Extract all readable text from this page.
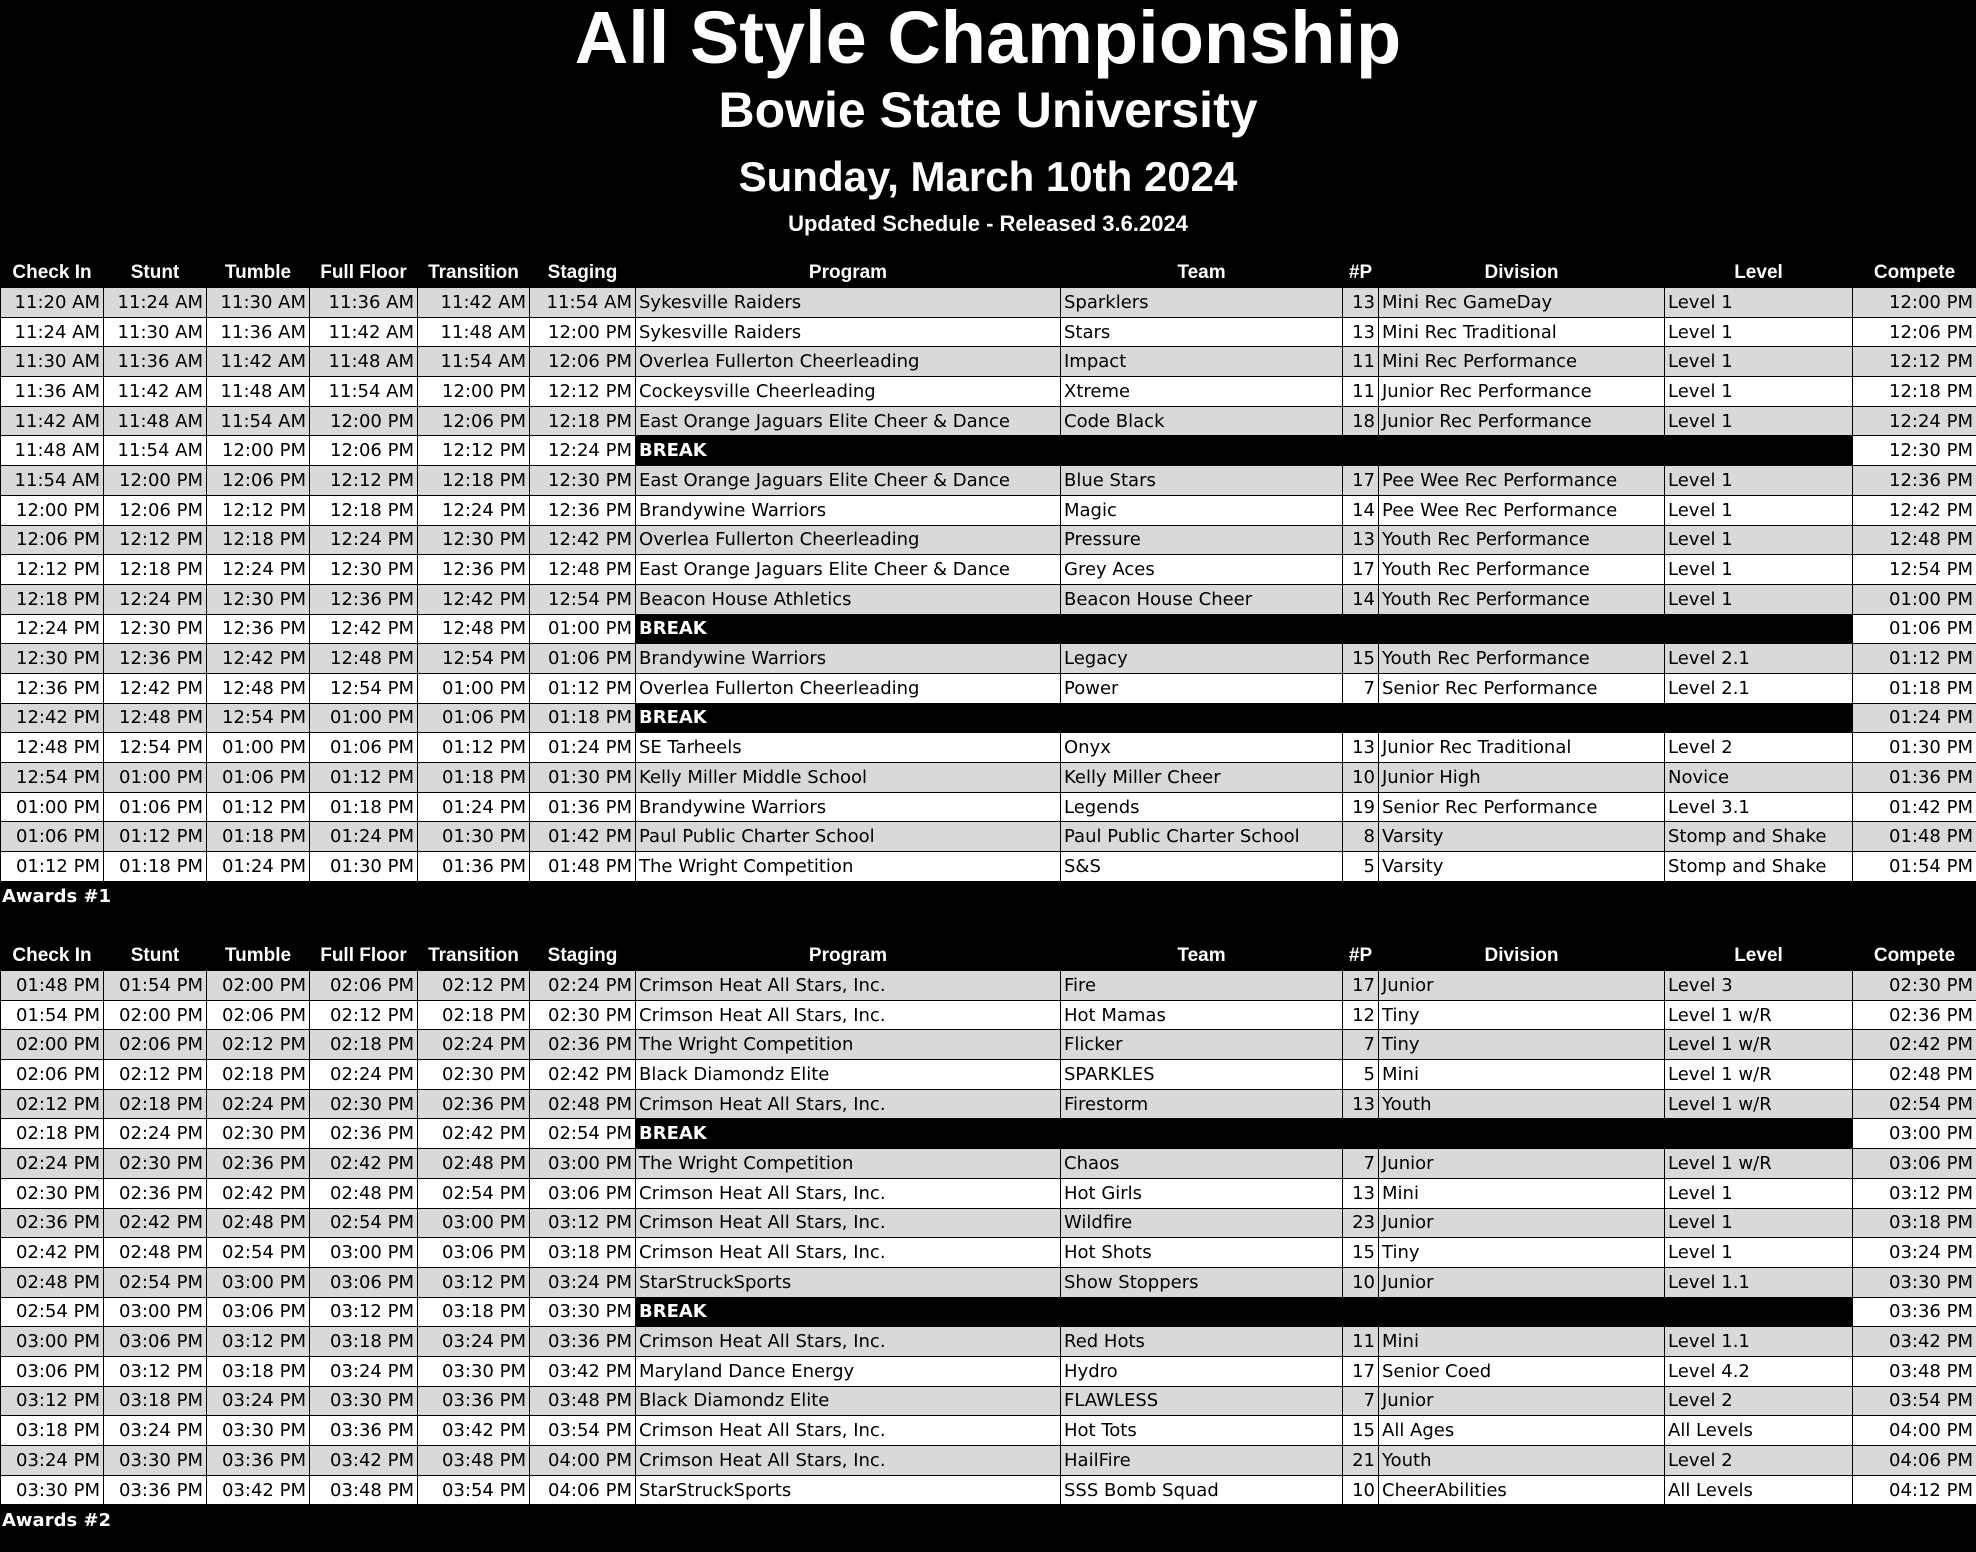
All Style Championship
Bowie State University
Sunday, March 10th 2024
Updated Schedule - Released 3.6.2024
Check In	Stunt	Tumble	Full Floor	Transition	Staging	Program	Team	#P	Division	Level	Compete
11:20 AM	11:24 AM	11:30 AM	11:36 AM	11:42 AM	11:54 AM	Sykesville Raiders	Sparklers	13	Mini Rec GameDay	Level 1	12:00 PM
11:24 AM	11:30 AM	11:36 AM	11:42 AM	11:48 AM	12:00 PM	Sykesville Raiders	Stars	13	Mini Rec Traditional	Level 1	12:06 PM
11:30 AM	11:36 AM	11:42 AM	11:48 AM	11:54 AM	12:06 PM	Overlea Fullerton Cheerleading	Impact	11	Mini Rec Performance	Level 1	12:12 PM
11:36 AM	11:42 AM	11:48 AM	11:54 AM	12:00 PM	12:12 PM	Cockeysville Cheerleading	Xtreme	11	Junior Rec Performance	Level 1	12:18 PM
11:42 AM	11:48 AM	11:54 AM	12:00 PM	12:06 PM	12:18 PM	East Orange Jaguars Elite Cheer & Dance	Code Black	18	Junior Rec Performance	Level 1	12:24 PM
11:48 AM	11:54 AM	12:00 PM	12:06 PM	12:12 PM	12:24 PM	BREAK					12:30 PM
11:54 AM	12:00 PM	12:06 PM	12:12 PM	12:18 PM	12:30 PM	East Orange Jaguars Elite Cheer & Dance	Blue Stars	17	Pee Wee Rec Performance	Level 1	12:36 PM
12:00 PM	12:06 PM	12:12 PM	12:18 PM	12:24 PM	12:36 PM	Brandywine Warriors	Magic	14	Pee Wee Rec Performance	Level 1	12:42 PM
12:06 PM	12:12 PM	12:18 PM	12:24 PM	12:30 PM	12:42 PM	Overlea Fullerton Cheerleading	Pressure	13	Youth Rec Performance	Level 1	12:48 PM
12:12 PM	12:18 PM	12:24 PM	12:30 PM	12:36 PM	12:48 PM	East Orange Jaguars Elite Cheer & Dance	Grey Aces	17	Youth Rec Performance	Level 1	12:54 PM
12:18 PM	12:24 PM	12:30 PM	12:36 PM	12:42 PM	12:54 PM	Beacon House Athletics	Beacon House Cheer	14	Youth Rec Performance	Level 1	01:00 PM
12:24 PM	12:30 PM	12:36 PM	12:42 PM	12:48 PM	01:00 PM	BREAK					01:06 PM
12:30 PM	12:36 PM	12:42 PM	12:48 PM	12:54 PM	01:06 PM	Brandywine Warriors	Legacy	15	Youth Rec Performance	Level 2.1	01:12 PM
12:36 PM	12:42 PM	12:48 PM	12:54 PM	01:00 PM	01:12 PM	Overlea Fullerton Cheerleading	Power	7	Senior Rec Performance	Level 2.1	01:18 PM
12:42 PM	12:48 PM	12:54 PM	01:00 PM	01:06 PM	01:18 PM	BREAK					01:24 PM
12:48 PM	12:54 PM	01:00 PM	01:06 PM	01:12 PM	01:24 PM	SE Tarheels	Onyx	13	Junior Rec Traditional	Level 2	01:30 PM
12:54 PM	01:00 PM	01:06 PM	01:12 PM	01:18 PM	01:30 PM	Kelly Miller Middle School	Kelly Miller Cheer	10	Junior High	Novice	01:36 PM
01:00 PM	01:06 PM	01:12 PM	01:18 PM	01:24 PM	01:36 PM	Brandywine Warriors	Legends	19	Senior Rec Performance	Level 3.1	01:42 PM
01:06 PM	01:12 PM	01:18 PM	01:24 PM	01:30 PM	01:42 PM	Paul Public Charter School	Paul Public Charter School	8	Varsity	Stomp and Shake	01:48 PM
01:12 PM	01:18 PM	01:24 PM	01:30 PM	01:36 PM	01:48 PM	The Wright Competition	S&S	5	Varsity	Stomp and Shake	01:54 PM
Awards #1
Check In	Stunt	Tumble	Full Floor	Transition	Staging	Program	Team	#P	Division	Level	Compete
01:48 PM	01:54 PM	02:00 PM	02:06 PM	02:12 PM	02:24 PM	Crimson Heat All Stars, Inc.	Fire	17	Junior	Level 3	02:30 PM
01:54 PM	02:00 PM	02:06 PM	02:12 PM	02:18 PM	02:30 PM	Crimson Heat All Stars, Inc.	Hot Mamas	12	Tiny	Level 1 w/R	02:36 PM
02:00 PM	02:06 PM	02:12 PM	02:18 PM	02:24 PM	02:36 PM	The Wright Competition	Flicker	7	Tiny	Level 1 w/R	02:42 PM
02:06 PM	02:12 PM	02:18 PM	02:24 PM	02:30 PM	02:42 PM	Black Diamondz Elite	SPARKLES	5	Mini	Level 1 w/R	02:48 PM
02:12 PM	02:18 PM	02:24 PM	02:30 PM	02:36 PM	02:48 PM	Crimson Heat All Stars, Inc.	Firestorm	13	Youth	Level 1 w/R	02:54 PM
02:18 PM	02:24 PM	02:30 PM	02:36 PM	02:42 PM	02:54 PM	BREAK					03:00 PM
02:24 PM	02:30 PM	02:36 PM	02:42 PM	02:48 PM	03:00 PM	The Wright Competition	Chaos	7	Junior	Level 1 w/R	03:06 PM
02:30 PM	02:36 PM	02:42 PM	02:48 PM	02:54 PM	03:06 PM	Crimson Heat All Stars, Inc.	Hot Girls	13	Mini	Level 1	03:12 PM
02:36 PM	02:42 PM	02:48 PM	02:54 PM	03:00 PM	03:12 PM	Crimson Heat All Stars, Inc.	Wildfire	23	Junior	Level 1	03:18 PM
02:42 PM	02:48 PM	02:54 PM	03:00 PM	03:06 PM	03:18 PM	Crimson Heat All Stars, Inc.	Hot Shots	15	Tiny	Level 1	03:24 PM
02:48 PM	02:54 PM	03:00 PM	03:06 PM	03:12 PM	03:24 PM	StarStruckSports	Show Stoppers	10	Junior	Level 1.1	03:30 PM
02:54 PM	03:00 PM	03:06 PM	03:12 PM	03:18 PM	03:30 PM	BREAK					03:36 PM
03:00 PM	03:06 PM	03:12 PM	03:18 PM	03:24 PM	03:36 PM	Crimson Heat All Stars, Inc.	Red Hots	11	Mini	Level 1.1	03:42 PM
03:06 PM	03:12 PM	03:18 PM	03:24 PM	03:30 PM	03:42 PM	Maryland Dance Energy	Hydro	17	Senior Coed	Level 4.2	03:48 PM
03:12 PM	03:18 PM	03:24 PM	03:30 PM	03:36 PM	03:48 PM	Black Diamondz Elite	FLAWLESS	7	Junior	Level 2	03:54 PM
03:18 PM	03:24 PM	03:30 PM	03:36 PM	03:42 PM	03:54 PM	Crimson Heat All Stars, Inc.	Hot Tots	15	All Ages	All Levels	04:00 PM
03:24 PM	03:30 PM	03:36 PM	03:42 PM	03:48 PM	04:00 PM	Crimson Heat All Stars, Inc.	HailFire	21	Youth	Level 2	04:06 PM
03:30 PM	03:36 PM	03:42 PM	03:48 PM	03:54 PM	04:06 PM	StarStruckSports	SSS Bomb Squad	10	CheerAbilities	All Levels	04:12 PM
Awards #2
